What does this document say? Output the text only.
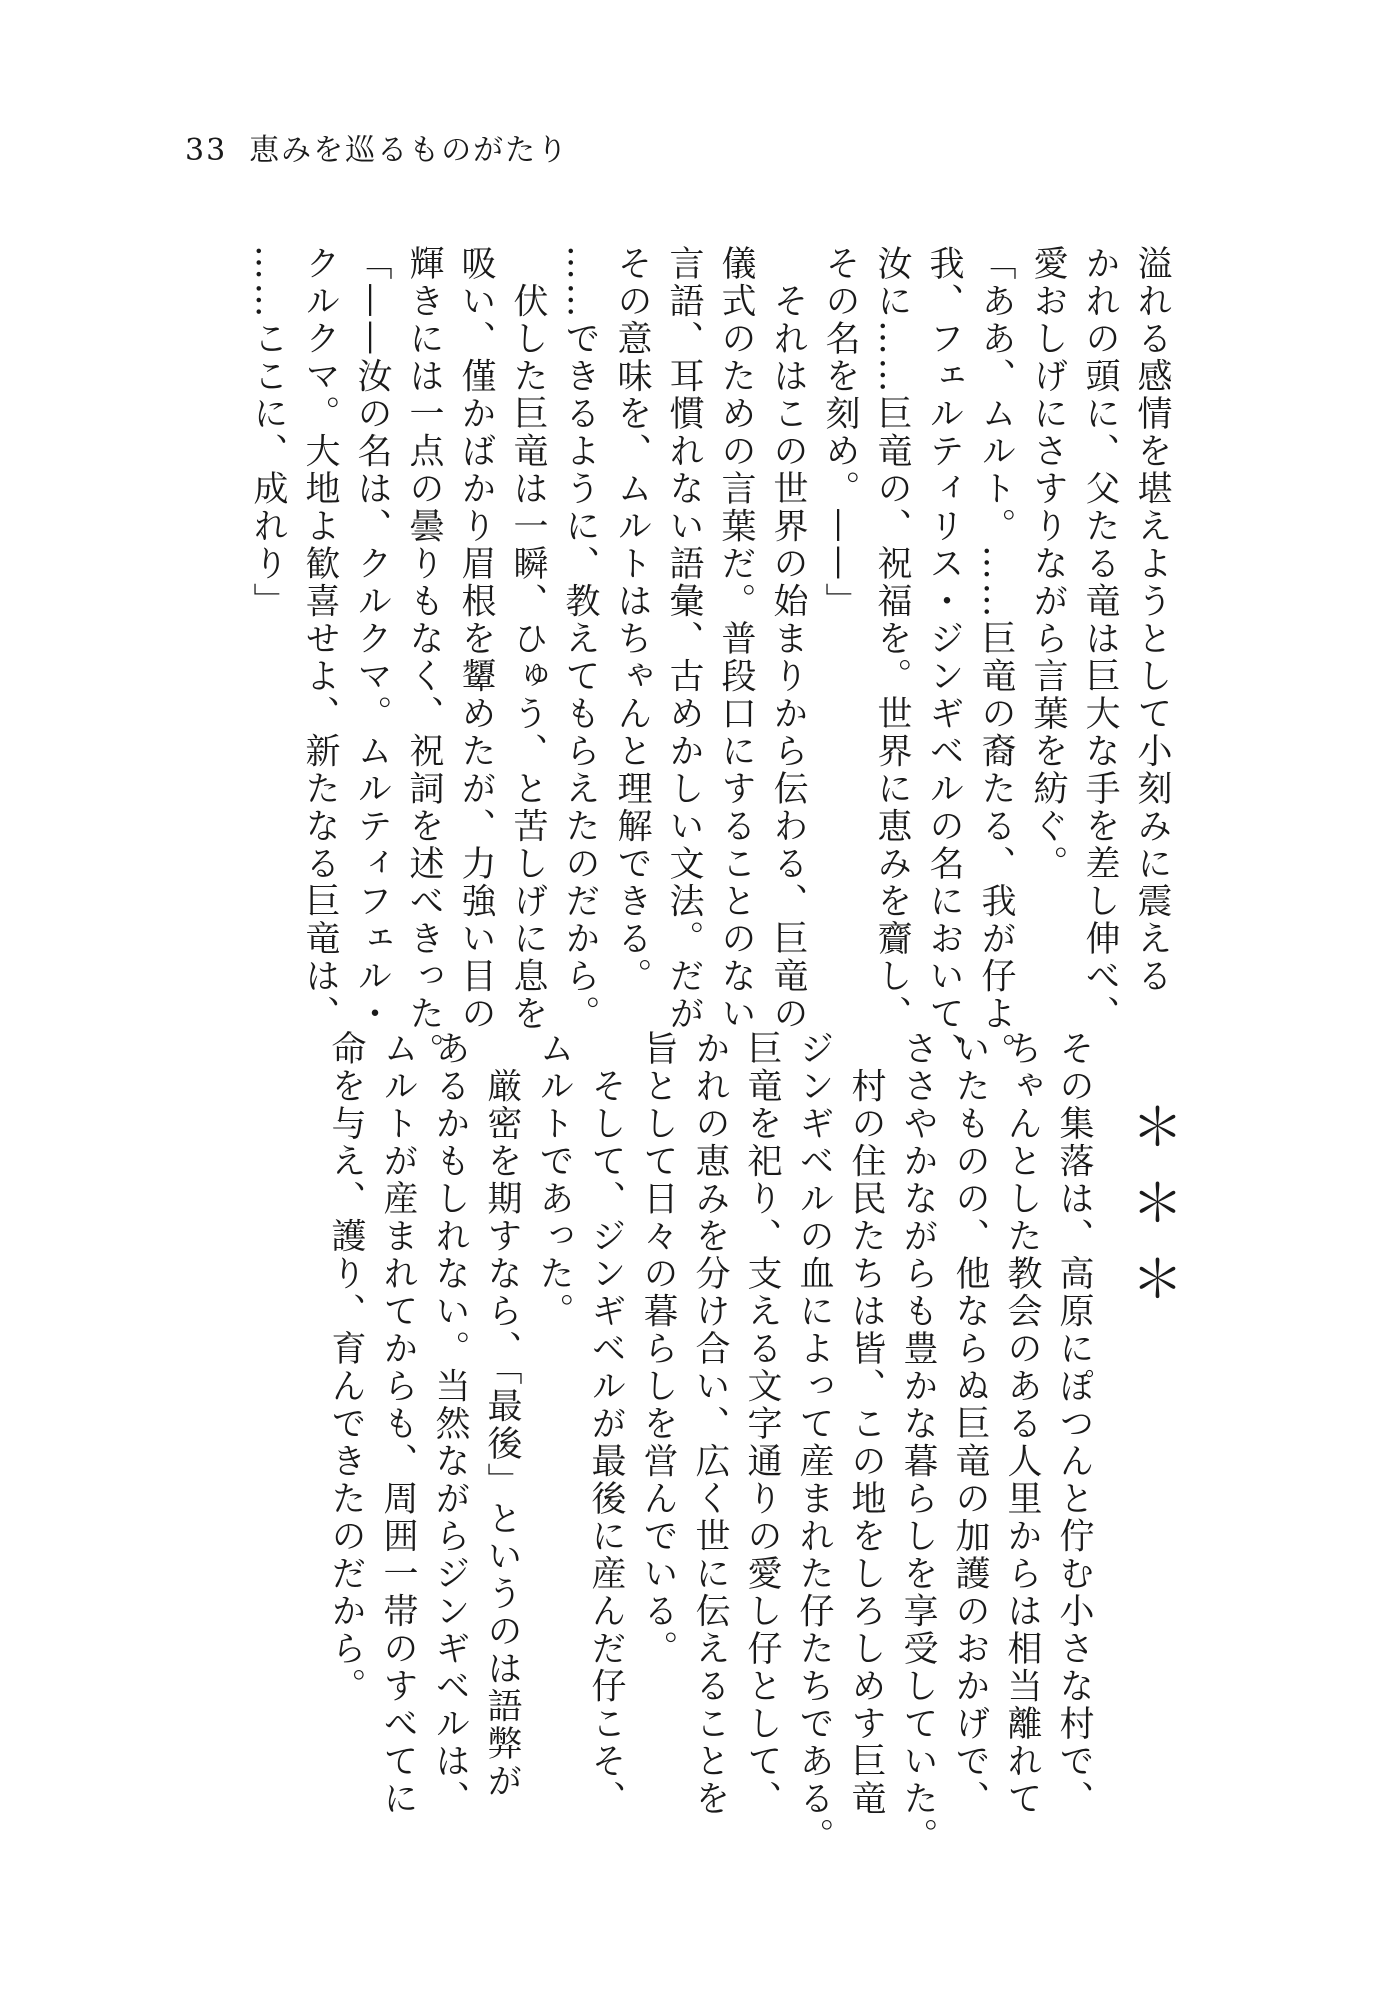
33 恵みを巡るものがたり
溢れる感情を堪えようとして小刻みに震える
かれの頭に、父たる竜は巨大な手を差し伸べ、
愛おしげにさすりながら言葉を紡ぐ。
「ああ、ムルト。……巨竜の裔たる、我が仔よ。
我、フェルティリス・ジンギベルの名において、
汝に……巨竜の、祝福を。世界に恵みを齎し、
その名を刻め。——」
　それはこの世界の始まりから伝わる、巨竜の
儀式のための言葉だ。普段口にすることのない
言語、耳慣れない語彙、古めかしい文法。だが
その意味を、ムルトはちゃんと理解できる。
……できるように、教えてもらえたのだから。
　伏した巨竜は一瞬、ひゅう、と苦しげに息を
吸い、僅かばかり眉根を顰めたが、力強い目の
輝きには一点の曇りもなく、祝詞を述べきった。
「——汝の名は、クルクマ。ムルティフェル・
クルクマ。大地よ歓喜せよ、新たなる巨竜は、
……ここに、成れり」
＊＊＊
その集落は、高原にぽつんと佇む小さな村で、
ちゃんとした教会のある人里からは相当離れて
いたものの、他ならぬ巨竜の加護のおかげで、
ささやかながらも豊かな暮らしを享受していた。
　村の住民たちは皆、この地をしろしめす巨竜
ジンギベルの血によって産まれた仔たちである。
巨竜を祀り、支える文字通りの愛し仔として、
かれの恵みを分け合い、広く世に伝えることを
旨として日々の暮らしを営んでいる。
　そして、ジンギベルが最後に産んだ仔こそ、
ムルトであった。
　厳密を期すなら、「最後」というのは語弊が
あるかもしれない。当然ながらジンギベルは、
ムルトが産まれてからも、周囲一帯のすべてに
命を与え、護り、育んできたのだから。
